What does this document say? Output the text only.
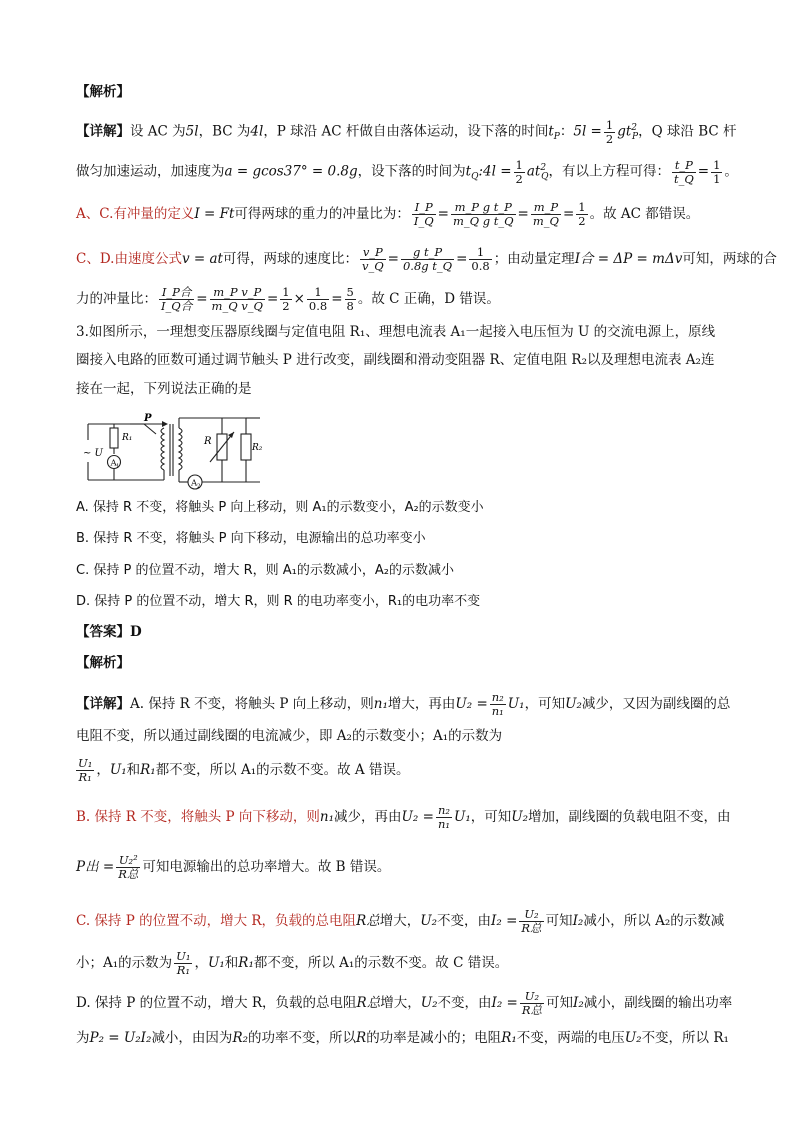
【解析】
【详解】设 AC 为5l，BC 为4l，P 球沿 AC 杆做自由落体运动，设下落的时间$t_P$：$5l = \frac{1}{2} gt^2_P$，Q 球沿 BC 杆
做匀加速运动，加速度为a = gcos37° = 0.8g，设下落的时间为$t_Q:4l = \frac{1}{2} at^2_Q$，有以上方程可得： $\frac{t\_P}{t\_Q} = \frac{1}{1}$ 。
A、C.有冲量的定义I = Ft可得两球的重力的冲量比为： $\frac{I\_P}{I\_Q} = \frac{\text{m\_P g t\_P}}{\text{m\_Q g t\_Q}} = \frac{m\_P}{m\_Q} = \frac{1}{2}$ 。故 AC 都错误。
C、D.由速度公式v = at可得，两球的速度比： $\frac{v\_P}{v\_Q} = \frac{\text{g t\_P}}{\text{0.8g t\_Q}} = \frac{1}{0.8}$ ；由动量定理I合 = ΔP = mΔv可知，两球的合
力的冲量比： $\frac{\text{I\_P合}}{\text{I\_Q合}} = \frac{\text{m\_P v\_P}}{\text{m\_Q v\_Q}} = \frac{1}{2} \times \frac{1}{0.8} = \frac{5}{8}$ 。故 C 正确，D 错误。
3.如图所示，一理想变压器原线圈与定值电阻 R₁、理想电流表 A₁一起接入电压恒为 U 的交流电源上，原线
圈接入电路的匝数可通过调节触头 P 进行改变，副线圈和滑动变阻器 R、定值电阻 R₂以及理想电流表 A₂连
接在一起，下列说法正确的是
R₁
P
~ U
A 1
A 2
R
R₂
A. 保持 R 不变，将触头 P 向上移动，则 A₁的示数变小，A₂的示数变小
B. 保持 R 不变，将触头 P 向下移动，电源输出的总功率变小
C. 保持 P 的位置不动，增大 R，则 A₁的示数减小，A₂的示数减小
D. 保持 P 的位置不动，增大 R，则 R 的电功率变小，R₁的电功率不变
【答案】D
【解析】
【详解】A. 保持 R 不变，将触头 P 向上移动，则n₁增大，再由$U_2 = \frac{\text{n₂}}{\text{n₁}} U_1$，可知U₂减少，又因为副线圈的总
电阻不变，所以通过副线圈的电流减少，即 A₂的示数变小；A₁的示数为
$\frac{\text{U₁}}{\text{R₁}}$ ，U₁和R₁都不变，所以 A₁的示数不变。故 A 错误。
B. 保持 R 不变，将触头 P 向下移动，则n₁减少，再由$U_2 = \frac{\text{n₂}}{\text{n₁}} U_1$，可知U₂增加，副线圈的负载电阻不变，由
P出 = $\frac{\text{U₂²}}{\text{R总}}$ 可知电源输出的总功率增大。故 B 错误。
C. 保持 P 的位置不动，增大 R，负载的总电阻R总增大，U₂不变，由$I_2 = \frac{\text{U₂}}{\text{R总}}$ 可知I₂减小，所以 A₂的示数减
小；A₁的示数为 $\frac{\text{U₁}}{\text{R₁}}$ ，U₁和R₁都不变，所以 A₁的示数不变。故 C 错误。
D. 保持 P 的位置不动，增大 R，负载的总电阻R总增大，U₂不变，由$I_2 = \frac{\text{U₂}}{\text{R总}}$ 可知I₂减小，副线圈的输出功率
为P₂ = U₂I₂减小，由因为R₂的功率不变，所以R的功率是减小的；电阻R₁不变，两端的电压U₂不变，所以 R₁
